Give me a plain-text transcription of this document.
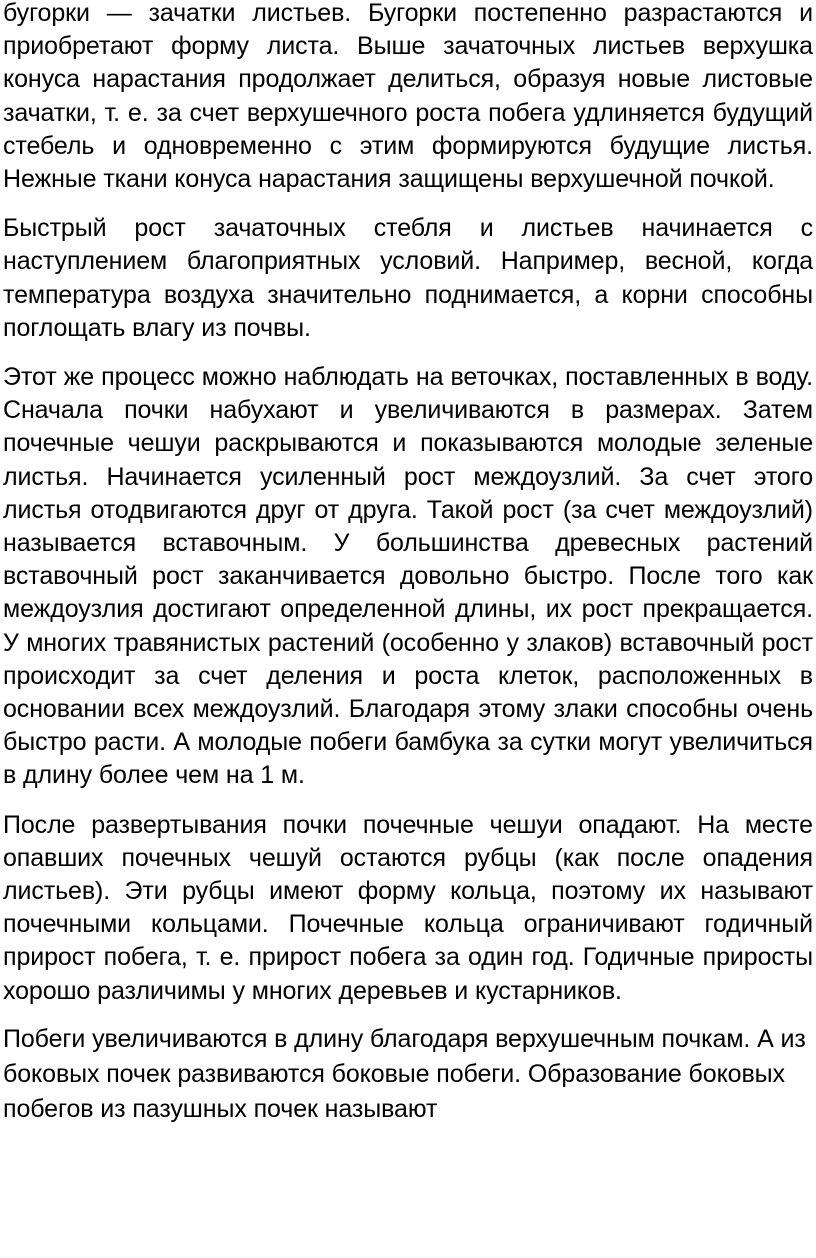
бугорки — зачатки листьев. Бугорки постепенно разрастаются и приобретают форму листа. Выше зачаточных листьев верхушка конуса нарастания продолжает делиться, образуя новые листовые зачатки, т. е. за счет верхушечного роста побега удлиняется будущий стебель и одновременно с этим формируются будущие листья. Нежные ткани конуса нарастания защищены верхушечной почкой.

Быстрый рост зачаточных стебля и листьев начинается с наступлением благоприятных условий. Например, весной, когда температура воздуха значительно поднимается, а корни способны поглощать влагу из почвы.

Этот же процесс можно наблюдать на веточках, поставленных в воду. Сначала почки набухают и увеличиваются в размерах. Затем почечные чешуи раскрываются и показываются молодые зеленые листья. Начинается усиленный рост междоузлий. За счет этого листья отодвигаются друг от друга. Такой рост (за счет междоузлий) называется вставочным. У большинства древесных растений вставочный рост заканчивается довольно быстро. После того как междоузлия достигают определенной длины, их рост прекращается. У многих травянистых растений (особенно у злаков) вставочный рост происходит за счет деления и роста клеток, расположенных в основании всех междоузлий. Благодаря этому злаки способны очень быстро расти. А молодые побеги бамбука за сутки могут увеличиться в длину более чем на 1 м.

После развертывания почки почечные чешуи опадают. На месте опавших почечных чешуй остаются рубцы (как после опадения листьев). Эти рубцы имеют форму кольца, поэтому их называют почечными кольцами. Почечные кольца ограничивают годичный прирост побега, т. е. прирост побега за один год. Годичные приросты хорошо различимы у многих деревьев и кустарников.

Побеги увеличиваются в длину благодаря верхушечным почкам. А из боковых почек развиваются боковые побеги. Образование боковых побегов из пазушных почек называют
